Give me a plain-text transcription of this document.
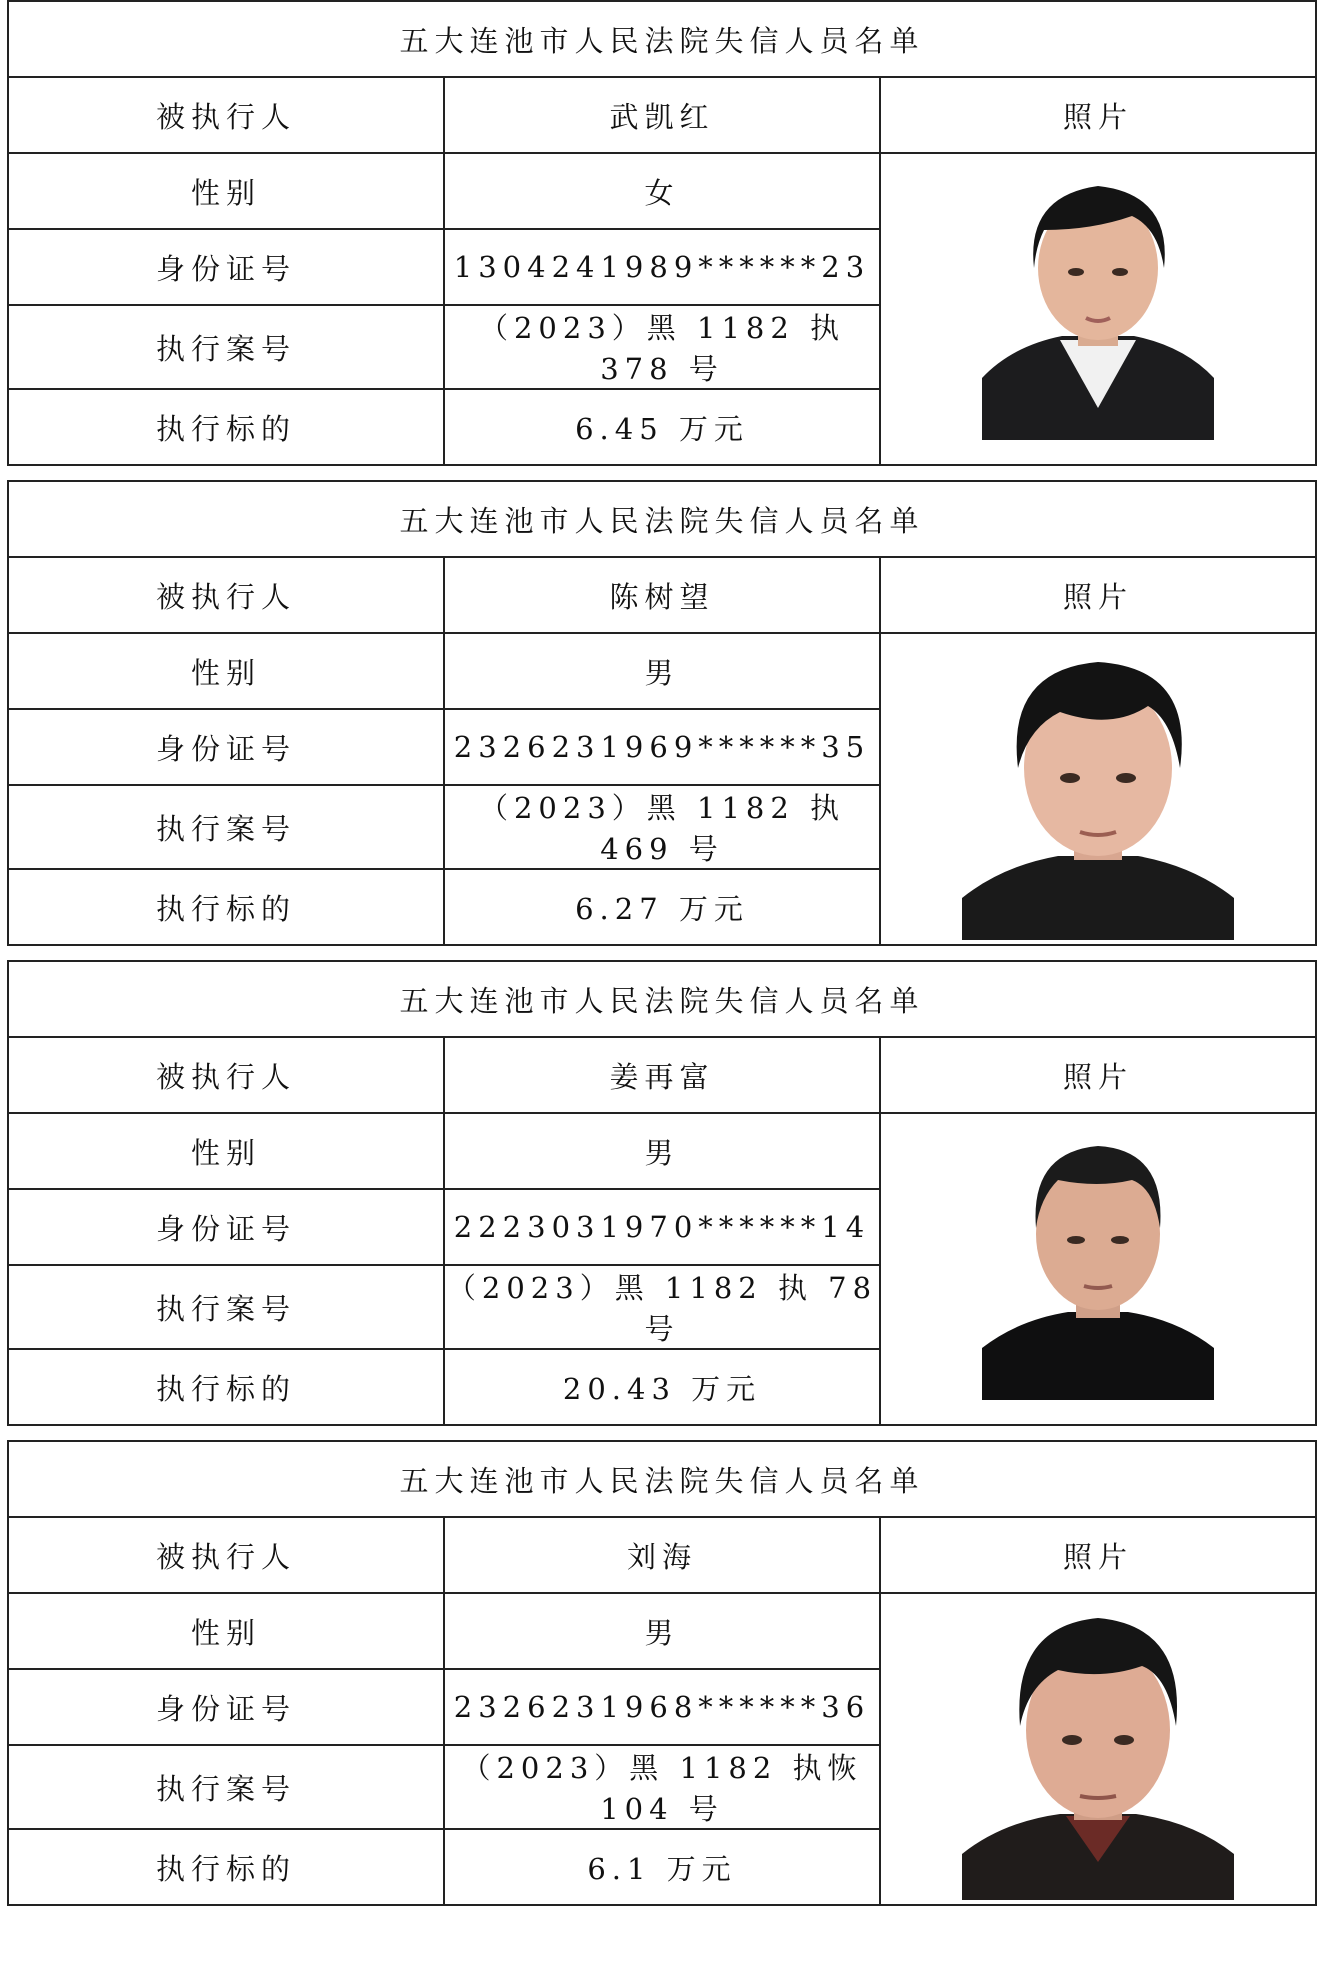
五大连池市人民法院失信人员名单		
被执行人	武凯红	照片
性别	女	

身份证号	1304241989******23	
执行案号	（2023）黑 1182 执 378 号	
执行标的	6.45 万元	
五大连池市人民法院失信人员名单		
被执行人	陈树望	照片
性别	男	

身份证号	2326231969******35	
执行案号	（2023）黑 1182 执 469 号	
执行标的	6.27 万元	
五大连池市人民法院失信人员名单		
被执行人	姜再富	照片
性别	男	

身份证号	2223031970******14	
执行案号	（2023）黑 1182 执 78 号	
执行标的	20.43 万元	
五大连池市人民法院失信人员名单		
被执行人	刘海	照片
性别	男	

身份证号	2326231968******36	
执行案号	（2023）黑 1182 执恢 104 号	
执行标的	6.1 万元	
